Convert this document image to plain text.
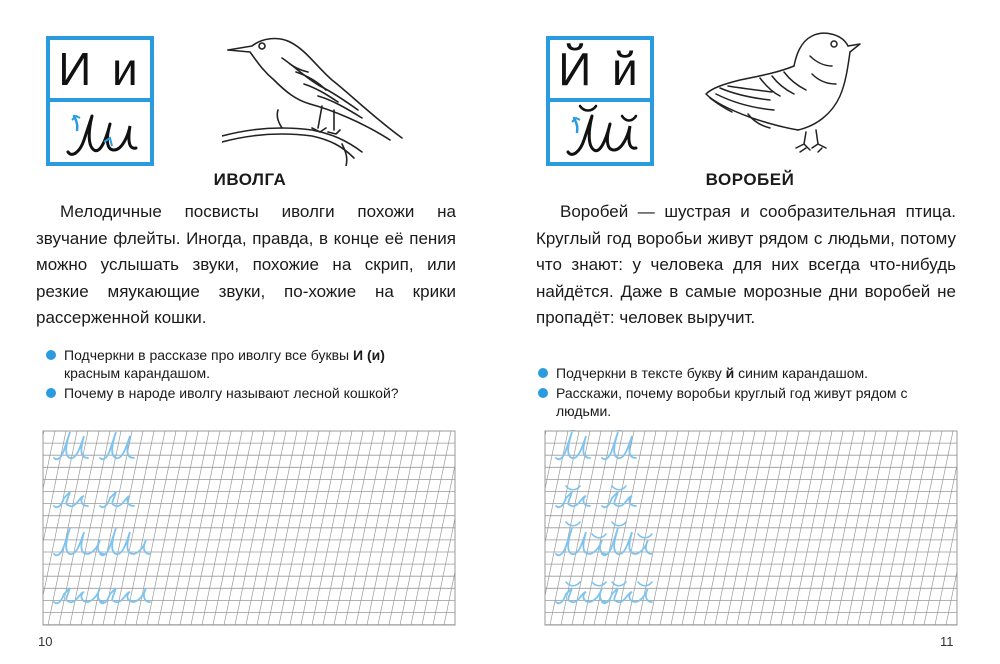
И и
ИВОЛГА

Мелодичные посвисты иволги похожи на звучание флейты. Иногда, правда, в конце её пения можно услышать звуки, похожие на скрип, или резкие мяукающие звуки, по-хожие на крики рассерженной кошки.

Подчеркни в рассказе про иволгу все буквы И (и) красным карандашом.
Почему в народе иволгу называют лесной кошкой?
10
Й й
ВОРОБЕЙ

Воробей — шустрая и сообразительная птица. Круглый год воробьи живут рядом с людьми, потому что знают: у человека для них всегда что-нибудь найдётся. Даже в самые морозные дни воробей не пропадёт: человек выручит.

Подчеркни в тексте букву й синим карандашом.
Расскажи, почему воробьи круглый год живут рядом с людьми.
11
